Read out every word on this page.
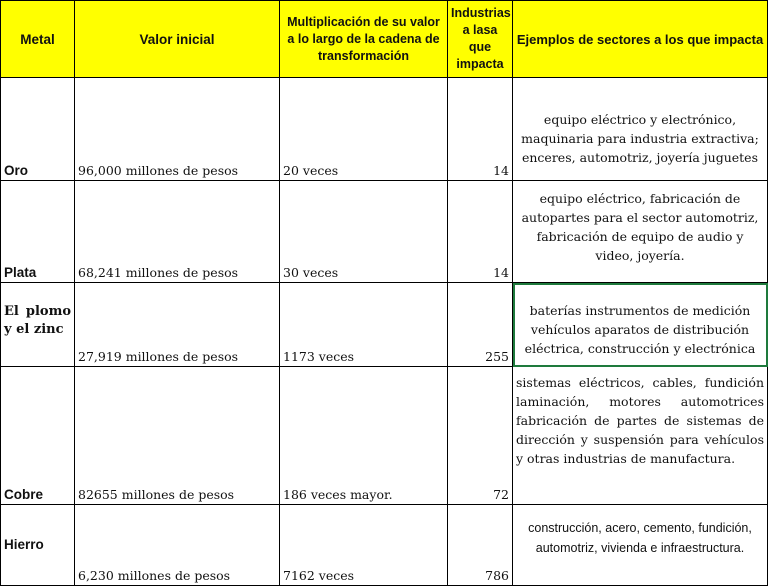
Metal	Valor inicial	Multiplicación de su valor a lo largo de la cadena de transformación	Industrias a lasa que impacta	Ejemplos de sectores a los que impacta
Oro	96,000 millones de pesos	20 veces	14	equipo eléctrico y electrónico, maquinaria para industria extractiva; enceres, automotriz, joyería juguetes
Plata	68,241 millones de pesos	30 veces	14	equipo eléctrico, fabricación de autopartes para el sector automotriz, fabricación de equipo de audio y video, joyería.
El plomo y el zinc	27,919 millones de pesos	1173 veces	255	baterías instrumentos de medición vehículos aparatos de distribución eléctrica, construcción y electrónica
Cobre	82655 millones de pesos	186 veces mayor.	72	sistemas eléctricos, cables, fundición laminación, motores automotrices fabricación de partes de sistemas de dirección y suspensión para vehículos y otras industrias de manufactura.
Hierro	6,230 millones de pesos	7162 veces	786	construcción, acero, cemento, fundición, automotriz, vivienda e infraestructura.
